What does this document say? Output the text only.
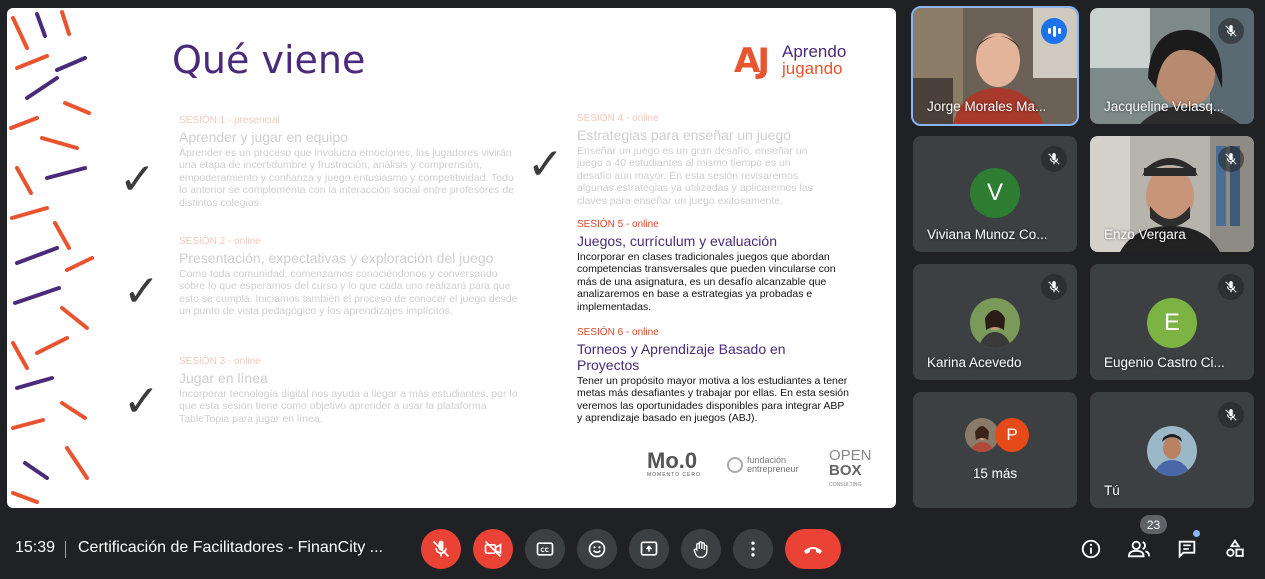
Qué viene	AJ Aprendo
jugando
✓
✓
✓
✓
SESIÓN 1 - presencial
Aprender y jugar en equipo
Aprender es un proceso que involucra emociones, los jugadores vivirán una etapa de incertidumbre y frustración, análisis y comprensión, empoderamiento y confianza y juego entusiasmo y competitividad. Todo lo anterior se complementa con la interacción social entre profesores de distintos colegios.
SESIÓN 2 - online
Presentación, expectativas y exploración del juego
Como toda comunidad, comenzamos conociéndonos y conversando sobre lo que esperamos del curso y lo que cada uno realizará para que esto se cumpla. Iniciamos también el proceso de conocer el juego desde un punto de vista pedagógico y los aprendizajes implícitos.
SESIÓN 3 - online
Jugar en línea
Incorporar tecnología digital nos ayuda a llegar a más estudiantes, por lo que esta sesión tiene como objetivo aprender a usar la plataforma TableTopia para jugar en línea.
SESIÓN 4 - online
Estrategias para enseñar un juego
Enseñar un juego es un gran desafío, enseñar un juego a 40 estudiantes al mismo tiempo es un desafío aún mayor. En esta sesión revisaremos algunas estrategias ya utilizadas y aplicaremos las claves para enseñar un juego exitosamente.
SESIÓN 5 - online
Juegos, currículum y evaluación
Incorporar en clases tradicionales juegos que abordan competencias transversales que pueden vincularse con más de una asignatura, es un desafío alcanzable que analizaremos en base a estrategias ya probadas e implementadas.
SESIÓN 6 - online
Torneos y Aprendizaje Basado en Proyectos
Tener un propósito mayor motiva a los estudiantes a tener metas más desafiantes y trabajar por ellas. En esta sesión veremos las oportunidades disponibles para integrar ABP y aprendizaje basado en juegos (ABJ).
Mo.0
MOMENTO CERO
fundación
entrepreneur
OPEN
BOX
CONSULTING
Jorge Morales Ma...	Jacqueline Velasq...
V
Viviana Munoz Co...	Enzo Vergara
Karina Acevedo
E
Eugenio Castro Ci...
P
15 más
Tú
15:39 Certificación de Facilitadores - FinanCity ...	CC
23
